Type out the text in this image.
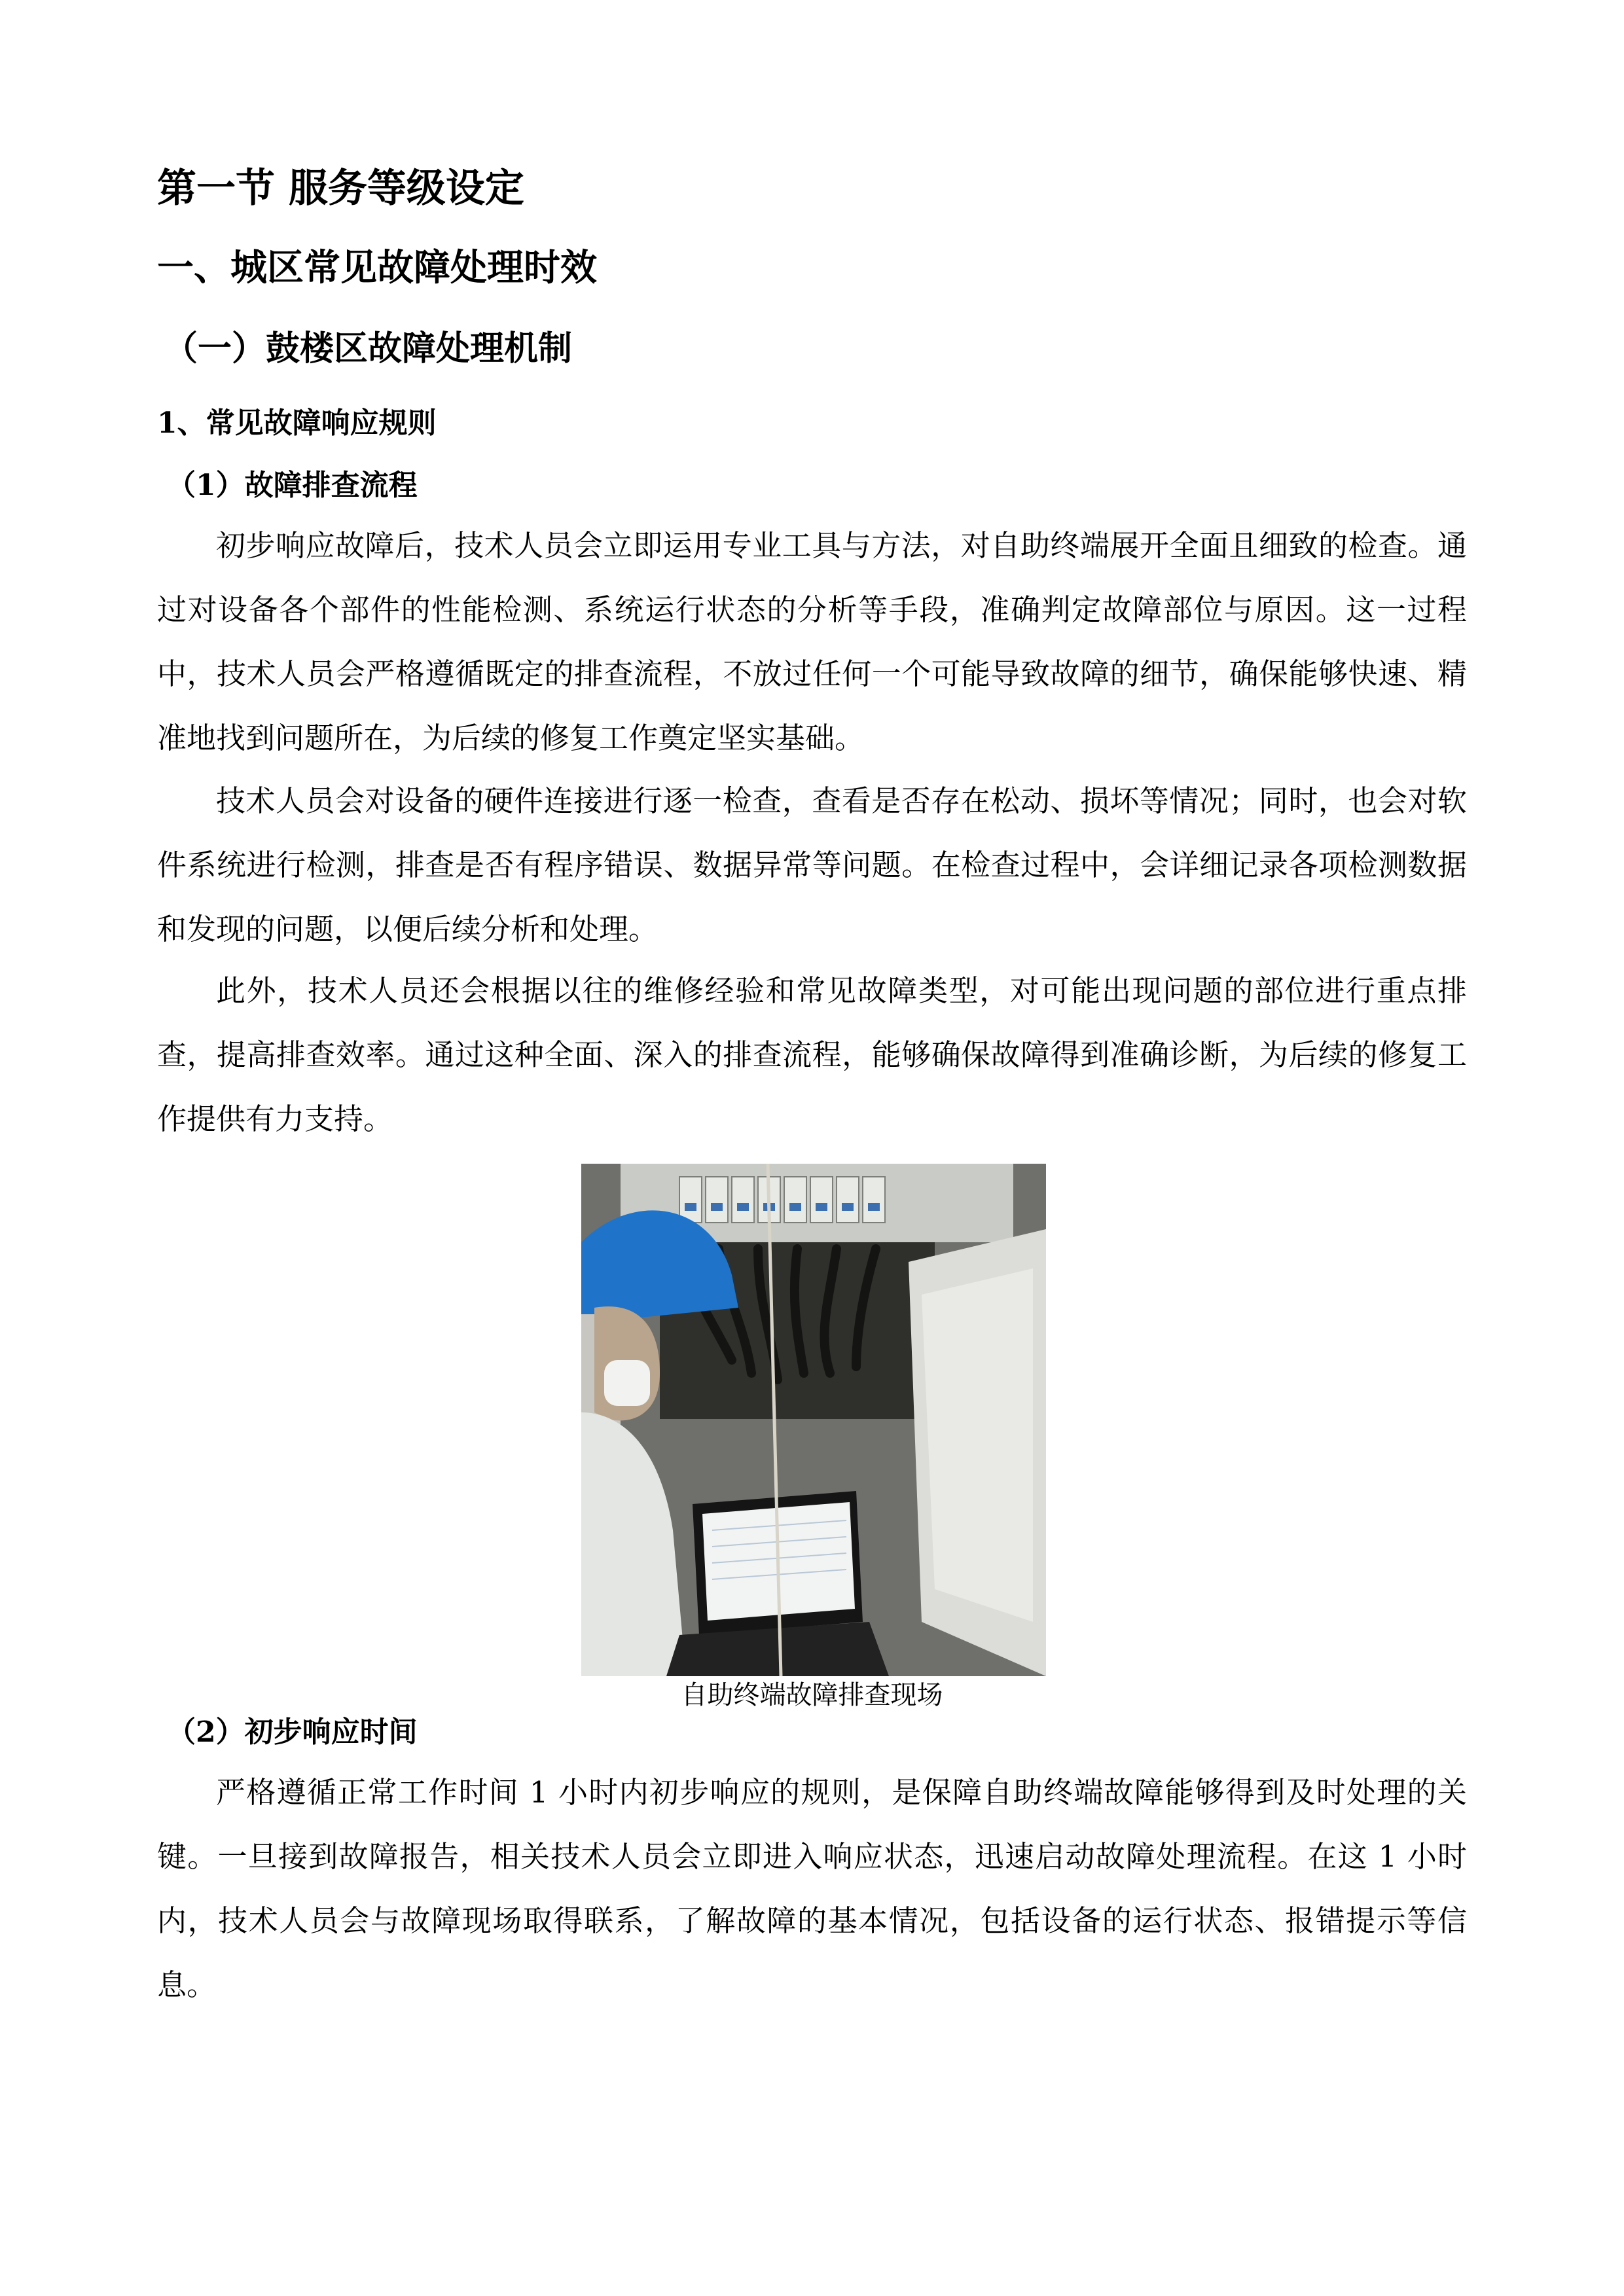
第一节 服务等级设定
一、城区常见故障处理时效
（一）鼓楼区故障处理机制
1、常见故障响应规则
（1）故障排查流程

初步响应故障后，技术人员会立即运用专业工具与方法，对自助终端展开全面且细致的检查。通过对设备各个部件的性能检测、系统运行状态的分析等手段，准确判定故障部位与原因。这一过程中，技术人员会严格遵循既定的排查流程，不放过任何一个可能导致故障的细节，确保能够快速、精准地找到问题所在，为后续的修复工作奠定坚实基础。

技术人员会对设备的硬件连接进行逐一检查，查看是否存在松动、损坏等情况；同时，也会对软件系统进行检测，排查是否有程序错误、数据异常等问题。在检查过程中，会详细记录各项检测数据和发现的问题，以便后续分析和处理。

此外，技术人员还会根据以往的维修经验和常见故障类型，对可能出现问题的部位进行重点排查，提高排查效率。通过这种全面、深入的排查流程，能够确保故障得到准确诊断，为后续的修复工作提供有力支持。

自助终端故障排查现场
（2）初步响应时间

严格遵循正常工作时间 1 小时内初步响应的规则，是保障自助终端故障能够得到及时处理的关键。一旦接到故障报告，相关技术人员会立即进入响应状态，迅速启动故障处理流程。在这 1 小时内，技术人员会与故障现场取得联系，了解故障的基本情况，包括设备的运行状态、报错提示等信息。
